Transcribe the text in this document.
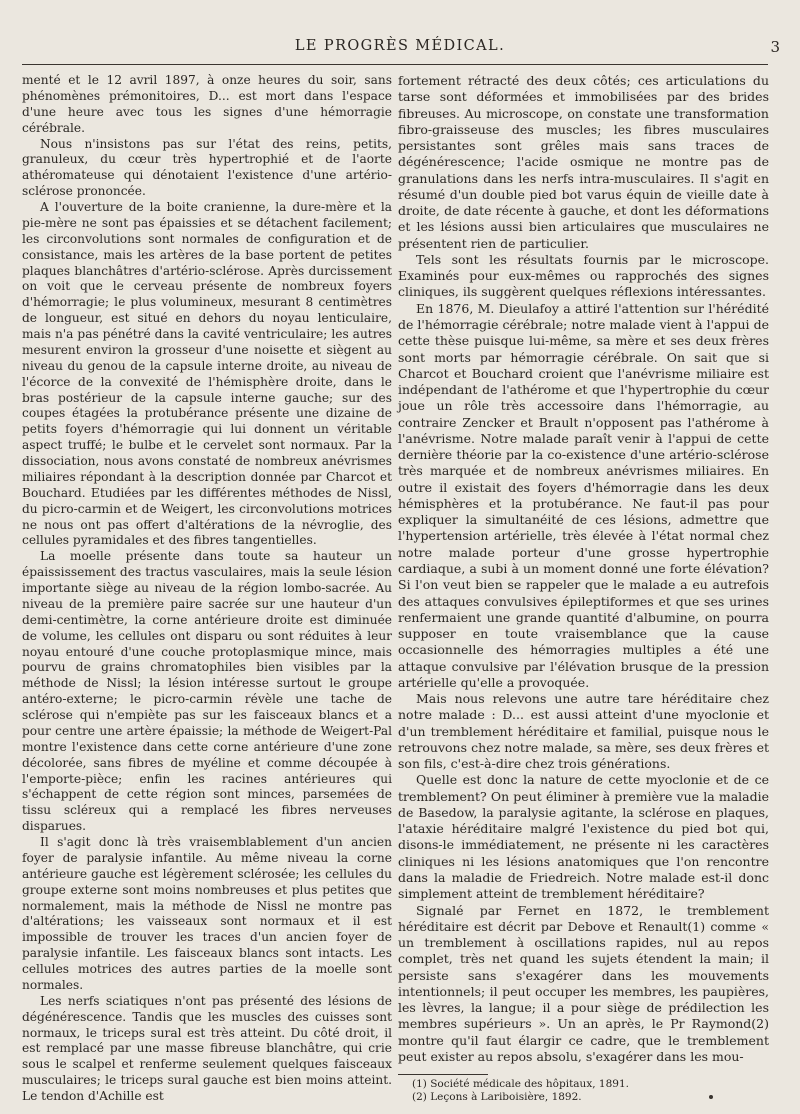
LE PROGRÈS MÉDICAL.	3

menté et le 12 avril 1897, à onze heures du soir, sans phénomènes prémonitoires, D... est mort dans l'espace d'une heure avec tous les signes d'une hémorragie cérébrale.

Nous n'insistons pas sur l'état des reins, petits, granuleux, du cœur très hypertrophié et de l'aorte athéromateuse qui dénotaient l'existence d'une artério-sclérose prononcée.

A l'ouverture de la boite cranienne, la dure-mère et la pie-mère ne sont pas épaissies et se détachent facilement; les circonvolutions sont normales de configuration et de consistance, mais les artères de la base portent de petites plaques blanchâtres d'artério-sclérose. Après durcissement on voit que le cerveau présente de nombreux foyers d'hémorragie; le plus volumineux, mesurant 8 centimètres de longueur, est situé en dehors du noyau lenticulaire, mais n'a pas pénétré dans la cavité ventriculaire; les autres mesurent environ la grosseur d'une noisette et siègent au niveau du genou de la capsule interne droite, au niveau de l'écorce de la convexité de l'hémisphère droite, dans le bras postérieur de la capsule interne gauche; sur des coupes étagées la protubérance présente une dizaine de petits foyers d'hémorragie qui lui donnent un véritable aspect truffé; le bulbe et le cervelet sont normaux. Par la dissociation, nous avons constaté de nombreux anévrismes miliaires répondant à la description donnée par Charcot et Bouchard. Etudiées par les différentes méthodes de Nissl, du picro-carmin et de Weigert, les circonvolutions motrices ne nous ont pas offert d'altérations de la névroglie, des cellules pyramidales et des fibres tangentielles.

La moelle présente dans toute sa hauteur un épaississement des tractus vasculaires, mais la seule lésion importante siège au niveau de la région lombo-sacrée. Au niveau de la première paire sacrée sur une hauteur d'un demi-centimètre, la corne antérieure droite est diminuée de volume, les cellules ont disparu ou sont réduites à leur noyau entouré d'une couche protoplasmique mince, mais pourvu de grains chromatophiles bien visibles par la méthode de Nissl; la lésion intéresse surtout le groupe antéro-externe; le picro-carmin révèle une tache de sclérose qui n'empiète pas sur les faisceaux blancs et a pour centre une artère épaissie; la méthode de Weigert-Pal montre l'existence dans cette corne antérieure d'une zone décolorée, sans fibres de myéline et comme découpée à l'emporte-pièce; enfin les racines antérieures qui s'échappent de cette région sont minces, parsemées de tissu scléreux qui a remplacé les fibres nerveuses disparues.

Il s'agit donc là très vraisemblablement d'un ancien foyer de paralysie infantile. Au même niveau la corne antérieure gauche est légèrement sclérosée; les cellules du groupe externe sont moins nombreuses et plus petites que normalement, mais la méthode de Nissl ne montre pas d'altérations; les vaisseaux sont normaux et il est impossible de trouver les traces d'un ancien foyer de paralysie infantile. Les faisceaux blancs sont intacts. Les cellules motrices des autres parties de la moelle sont normales.

Les nerfs sciatiques n'ont pas présenté des lésions de dégénérescence. Tandis que les muscles des cuisses sont normaux, le triceps sural est très atteint. Du côté droit, il est remplacé par une masse fibreuse blanchâtre, qui crie sous le scalpel et renferme seulement quelques faisceaux musculaires; le triceps sural gauche est bien moins atteint. Le tendon d'Achille est

fortement rétracté des deux côtés; ces articulations du tarse sont déformées et immobilisées par des brides fibreuses. Au microscope, on constate une transformation fibro-graisseuse des muscles; les fibres musculaires persistantes sont grêles mais sans traces de dégénérescence; l'acide osmique ne montre pas de granulations dans les nerfs intra-musculaires. Il s'agit en résumé d'un double pied bot varus équin de vieille date à droite, de date récente à gauche, et dont les déformations et les lésions aussi bien articulaires que musculaires ne présentent rien de particulier.

Tels sont les résultats fournis par le microscope. Examinés pour eux-mêmes ou rapprochés des signes cliniques, ils suggèrent quelques réflexions intéressantes.

En 1876, M. Dieulafoy a attiré l'attention sur l'hérédité de l'hémorragie cérébrale; notre malade vient à l'appui de cette thèse puisque lui-même, sa mère et ses deux frères sont morts par hémorragie cérébrale. On sait que si Charcot et Bouchard croient que l'anévrisme miliaire est indépendant de l'athérome et que l'hypertrophie du cœur joue un rôle très accessoire dans l'hémorragie, au contraire Zencker et Brault n'opposent pas l'athérome à l'anévrisme. Notre malade paraît venir à l'appui de cette dernière théorie par la co-existence d'une artério-sclérose très marquée et de nombreux anévrismes miliaires. En outre il existait des foyers d'hémorragie dans les deux hémisphères et la protubérance. Ne faut-il pas pour expliquer la simultanéité de ces lésions, admettre que l'hypertension artérielle, très élevée à l'état normal chez notre malade porteur d'une grosse hypertrophie cardiaque, a subi à un moment donné une forte élévation? Si l'on veut bien se rappeler que le malade a eu autrefois des attaques convulsives épileptiformes et que ses urines renfermaient une grande quantité d'albumine, on pourra supposer en toute vraisemblance que la cause occasionnelle des hémorragies multiples a été une attaque convulsive par l'élévation brusque de la pression artérielle qu'elle a provoquée.

Mais nous relevons une autre tare héréditaire chez notre malade : D... est aussi atteint d'une myoclonie et d'un tremblement héréditaire et familial, puisque nous le retrouvons chez notre malade, sa mère, ses deux frères et son fils, c'est-à-dire chez trois générations.

Quelle est donc la nature de cette myoclonie et de ce tremblement? On peut éliminer à première vue la maladie de Basedow, la paralysie agitante, la sclérose en plaques, l'ataxie héréditaire malgré l'existence du pied bot qui, disons-le immédiatement, ne présente ni les caractères cliniques ni les lésions anatomiques que l'on rencontre dans la maladie de Friedreich. Notre malade est-il donc simplement atteint de tremblement héréditaire?

Signalé par Fernet en 1872, le tremblement héréditaire est décrit par Debove et Renault(1) comme « un tremblement à oscillations rapides, nul au repos complet, très net quand les sujets étendent la main; il persiste sans s'exagérer dans les mouvements intentionnels; il peut occuper les membres, les paupières, les lèvres, la langue; il a pour siège de prédilection les membres supérieurs ». Un an après, le Pr Raymond(2) montre qu'il faut élargir ce cadre, que le tremblement peut exister au repos absolu, s'exagérer dans les mou-

(1) Société médicale des hôpitaux, 1891.
(2) Leçons à Lariboisière, 1892.
